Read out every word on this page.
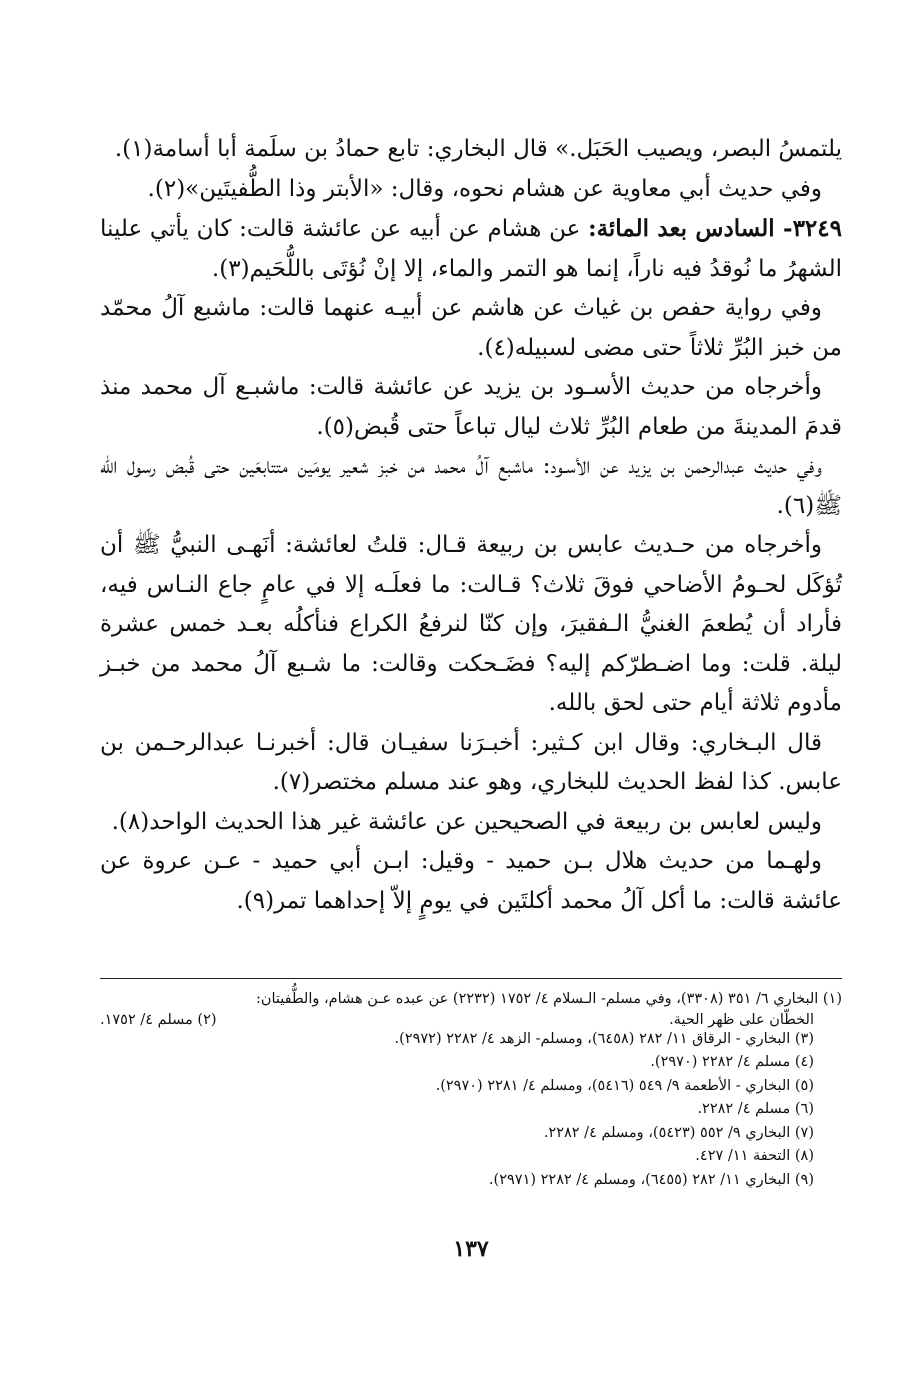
يلتمسُ البصر، ويصيب الحَبَل.» قال البخاري: تابع حمادُ بن سلَمة أبا أسامة(١).

وفي حديث أبي معاوية عن هشام نحوه، وقال: «الأبتر وذا الطُّفيتَين»(٢).

٣٢٤٩- السادس بعد المائة: عن هشام عن أبيه عن عائشة قالت: كان يأتي علينا الشهرُ ما نُوقدُ فيه ناراً، إنما هو التمر والماء، إلا إنْ نُؤتَى باللُّحَيم(٣).

وفي رواية حفص بن غياث عن هاشم عن أبيـه عنهما قالت: ماشبع آلُ محمّد من خبز البُرِّ ثلاثاً حتى مضى لسبيله(٤).

وأخرجاه من حديث الأسـود بن يزيد عن عائشة قالت: ماشبـع آل محمد منذ قدمَ المدينةَ من طعام البُرِّ ثلاث ليال تباعاً حتى قُبض(٥).

وفي حديث عبدالرحمن بن يزيد عن الأسـود: ماشبع آلُ محمد من خبز شعير يومَين متتابعَين حتى قُبض رسول الله ﷺ(٦).

وأخرجاه من حـديث عابس بن ربيعة قـال: قلتُ لعائشة: أنَهـى النبيُّ ﷺ أن تُؤكَل لحـومُ الأضاحي فوقَ ثلاث؟ قـالت: ما فعلَـه إلا في عامٍ جاع النـاس فيه، فأراد أن يُطعمَ الغنيُّ الـفقيرَ، وإن كنّا لنرفعُ الكراع فنأكلُه بعـد خمس عشرة ليلة. قلت: وما اضـطرّكم إليه؟ فضَـحكت وقالت: ما شـبع آلُ محمد من خبـز مأدوم ثلاثة أيام حتى لحق بالله.

قال البـخاري: وقال ابن كـثير: أخبـرَنا سفيـان قال: أخبرنـا عبدالرحـمن بن عابس. كذا لفظ الحديث للبخاري، وهو عند مسلم مختصر(٧).

وليس لعابس بن ربيعة في الصحيحين عن عائشة غير هذا الحديث الواحد(٨).

ولهـما من حديث هلال بـن حميد - وقيل: ابـن أبي حميد - عـن عروة عن عائشة قالت: ما أكل آلُ محمد أكلتَين في يومٍ إلاّ إحداهما تمر(٩).

(١) البخاري ٦/ ٣٥١ (٣٣٠٨)، وفي مسلم- الـسلام ٤/ ١٧٥٢ (٢٢٣٢) عن عبده عـن هشام، والطُّفيتان:

الخطّان على ظهر الحية.
(٢) مسلم ٤/ ١٧٥٢.

(٣) البخاري - الرقاق ١١/ ٢٨٢ (٦٤٥٨)، ومسلم- الزهد ٤/ ٢٢٨٢ (٢٩٧٢).

(٤) مسلم ٤/ ٢٢٨٢ (٢٩٧٠).

(٥) البخاري - الأطعمة ٩/ ٥٤٩ (٥٤١٦)، ومسلم ٤/ ٢٢٨١ (٢٩٧٠).

(٦) مسلم ٤/ ٢٢٨٢.

(٧) البخاري ٩/ ٥٥٢ (٥٤٢٣)، ومسلم ٤/ ٢٢٨٢.

(٨) التحفة ١١/ ٤٢٧.

(٩) البخاري ١١/ ٢٨٢ (٦٤٥٥)، ومسلم ٤/ ٢٢٨٢ (٢٩٧١).

١٣٧
